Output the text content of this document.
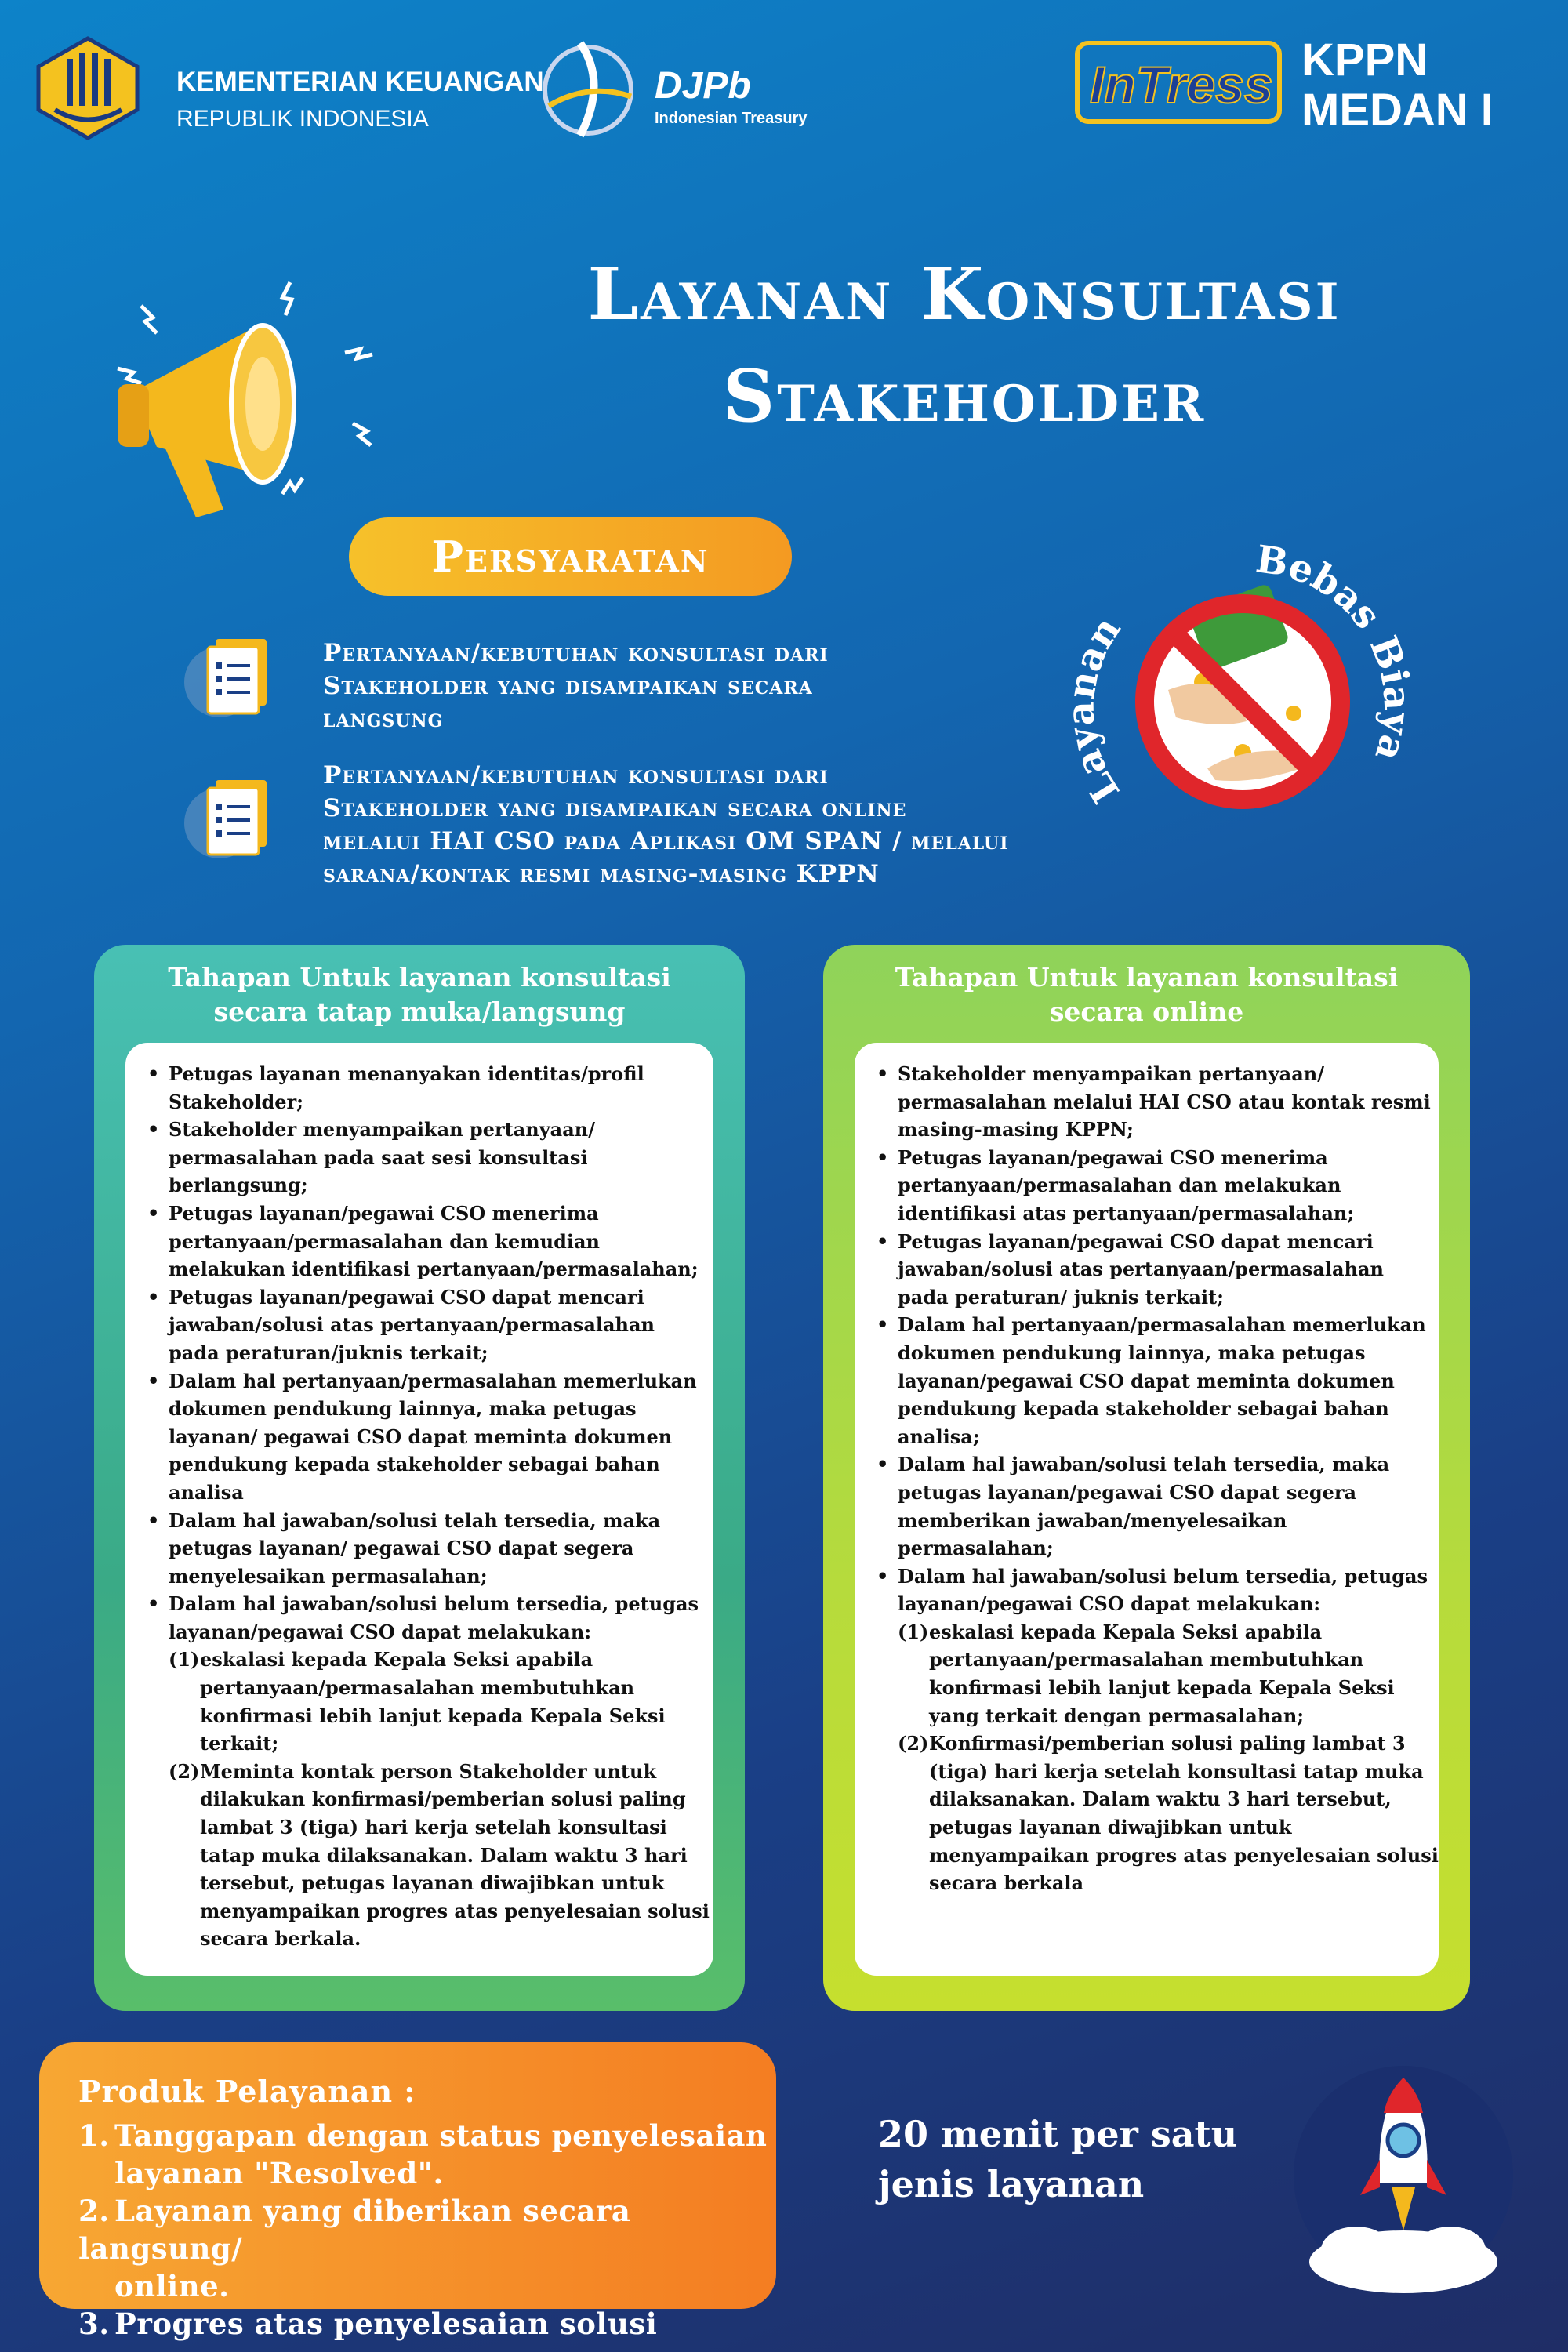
KEMENTERIAN KEUANGAN
REPUBLIK INDONESIA
DJPb
Indonesian Treasury
InTress KPPN
MEDAN I
Layanan Konsultasi
Stakeholder
Persyaratan
Pertanyaan/kebutuhan konsultasi dari
Stakeholder yang disampaikan secara
langsung
Pertanyaan/kebutuhan konsultasi dari
Stakeholder yang disampaikan secara online
melalui HAI CSO pada Aplikasi OM SPAN / melalui
sarana/kontak resmi masing-masing KPPN
La an
Bebas B a
Tahapan Untuk layanan konsultasi
secara tatap muka/langsung
• Petugas layanan menanyakan identitas/profil
Stakeholder;
• Stakeholder menyampaikan pertanyaan/
permasalahan pada saat sesi konsultasi
berlangsung;
• Petugas layanan/pegawai CSO menerima
pertanyaan/permasalahan dan kemudian
melakukan identifikasi pertanyaan/permasalahan;
• Petugas layanan/pegawai CSO dapat mencari
jawaban/solusi atas pertanyaan/permasalahan
pada peraturan/juknis terkait;
• Dalam hal pertanyaan/permasalahan memerlukan
dokumen pendukung lainnya, maka petugas
layanan/ pegawai CSO dapat meminta dokumen
pendukung kepada stakeholder sebagai bahan
analisa
• Dalam hal jawaban/solusi telah tersedia, maka
petugas layanan/ pegawai CSO dapat segera
menyelesaikan permasalahan;
• Dalam hal jawaban/solusi belum tersedia, petugas
layanan/pegawai CSO dapat melakukan:
(1)eskalasi kepada Kepala Seksi apabila
pertanyaan/permasalahan membutuhkan
konfirmasi lebih lanjut kepada Kepala Seksi
terkait;
(2)Meminta kontak person Stakeholder untuk
dilakukan konfirmasi/pemberian solusi paling
lambat 3 (tiga) hari kerja setelah konsultasi
tatap muka dilaksanakan. Dalam waktu 3 hari
tersebut, petugas layanan diwajibkan untuk
menyampaikan progres atas penyelesaian solusi
secara berkala.
Tahapan Untuk layanan konsultasi
secara online
• Stakeholder menyampaikan pertanyaan/
permasalahan melalui HAI CSO atau kontak resmi
masing-masing KPPN;
• Petugas layanan/pegawai CSO menerima
pertanyaan/permasalahan dan melakukan
identifikasi atas pertanyaan/permasalahan;
• Petugas layanan/pegawai CSO dapat mencari
jawaban/solusi atas pertanyaan/permasalahan
pada peraturan/ juknis terkait;
• Dalam hal pertanyaan/permasalahan memerlukan
dokumen pendukung lainnya, maka petugas
layanan/pegawai CSO dapat meminta dokumen
pendukung kepada stakeholder sebagai bahan
analisa;
• Dalam hal jawaban/solusi telah tersedia, maka
petugas layanan/pegawai CSO dapat segera
memberikan jawaban/menyelesaikan
permasalahan;
• Dalam hal jawaban/solusi belum tersedia, petugas
layanan/pegawai CSO dapat melakukan:
(1)eskalasi kepada Kepala Seksi apabila
pertanyaan/permasalahan membutuhkan
konfirmasi lebih lanjut kepada Kepala Seksi
yang terkait dengan permasalahan;
(2)Konfirmasi/pemberian solusi paling lambat 3
(tiga) hari kerja setelah konsultasi tatap muka
dilaksanakan. Dalam waktu 3 hari tersebut,
petugas layanan diwajibkan untuk
menyampaikan progres atas penyelesaian solusi
secara berkala
Produk Pelayanan :
1. Tanggapan dengan status penyelesaian
layanan "Resolved".
2. Layanan yang diberikan secara langsung/
online.
3. Progres atas penyelesaian solusi
20 menit per satu
jenis layanan
